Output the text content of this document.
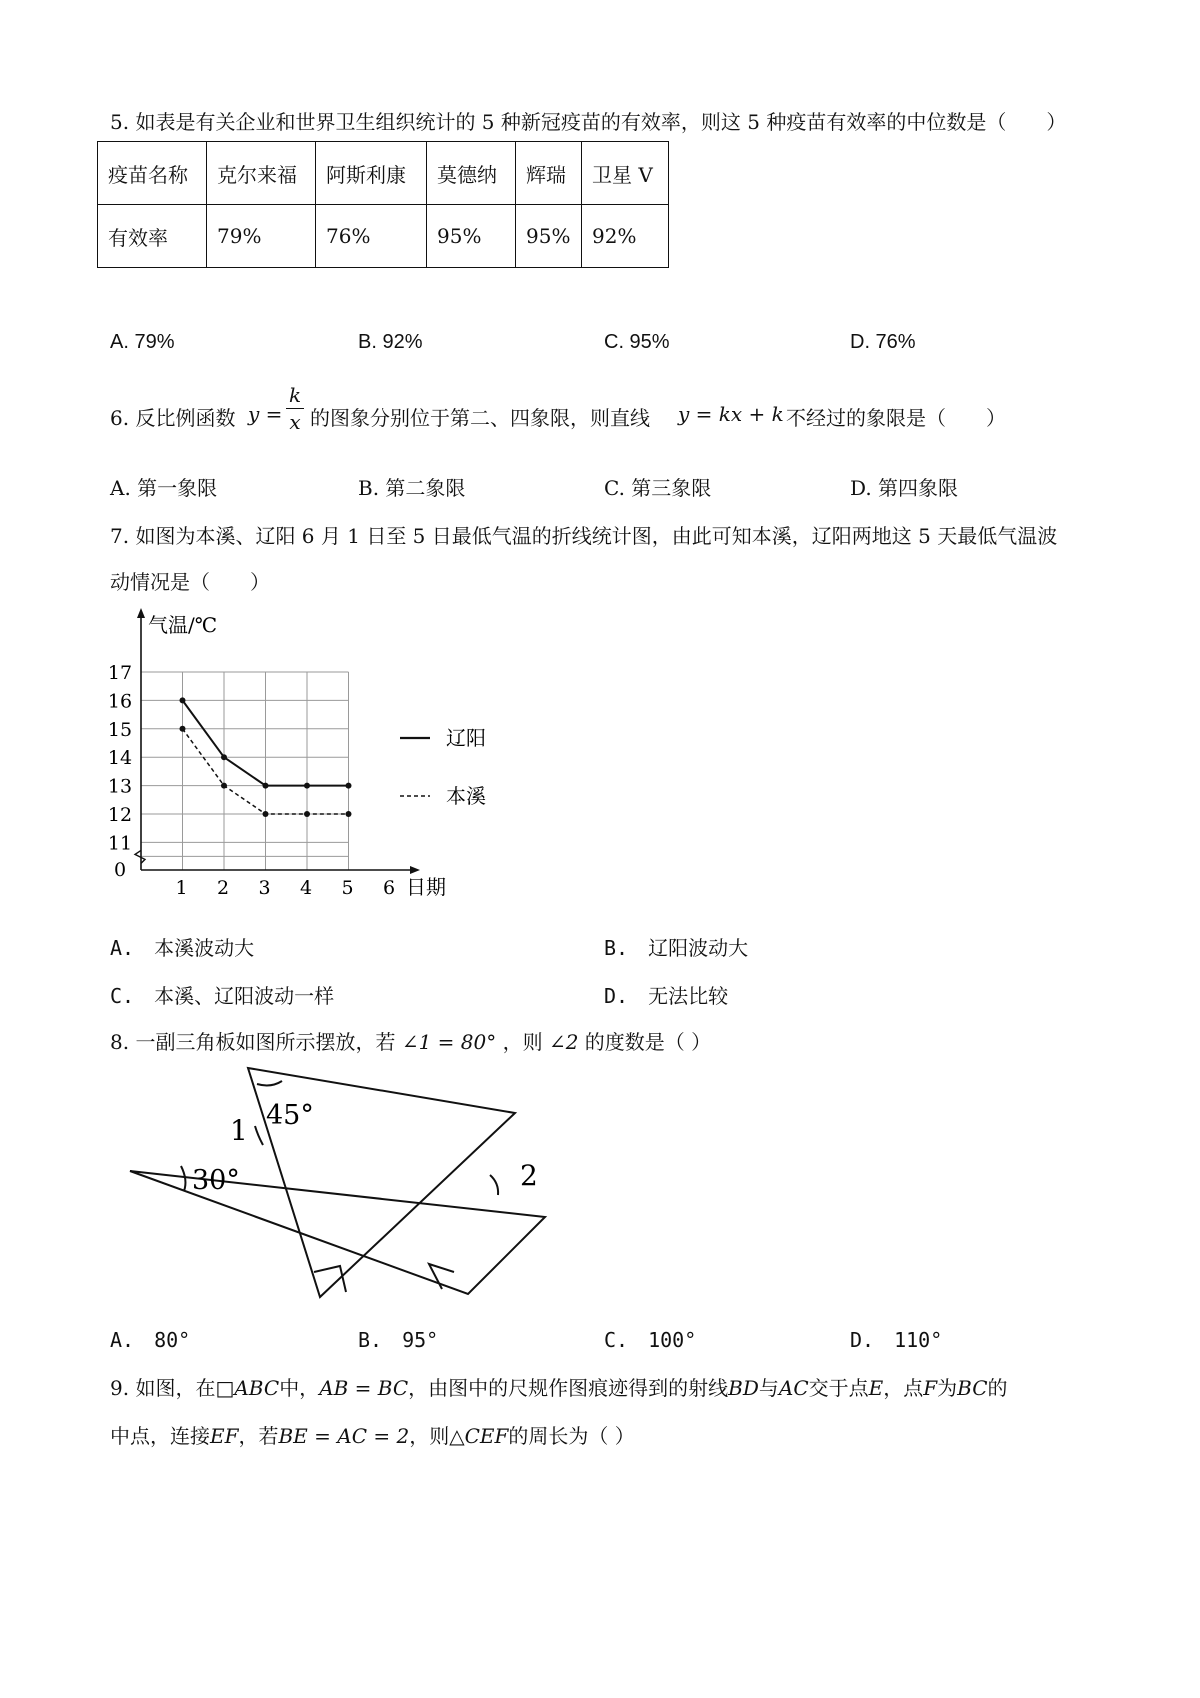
5. 如表是有关企业和世界卫生组织统计的 5 种新冠疫苗的有效率，则这 5 种疫苗有效率的中位数是（　　）
疫苗名称	克尔来福	阿斯利康	莫德纳	辉瑞	卫星 V
有效率	79%	76%	95%	95%	92%
A. 79%	B. 92%	C. 95%	D. 76%
6. 反比例函数 y =
k
x 的图象分别位于第二、四象限，则直线 y = kx + k 不经过的象限是（　　）
A. 第一象限	B. 第二象限	C. 第三象限	D. 第四象限
7. 如图为本溪、辽阳 6 月 1 日至 5 日最低气温的折线统计图，由此可知本溪，辽阳两地这 5 天最低气温波
动情况是（　　）
17
16
15
14
13
12
11
0
1 2 3 4 5 6
气温/℃
日期
辽阳
本溪
A.　本溪波动大	B.　辽阳波动大
C.　本溪、辽阳波动一样	D.　无法比较
8. 一副三角板如图所示摆放，若 ∠1 = 80° ，则 ∠2 的度数是（ ）
45°
30°
1
2
A.　80°	B.　95°	C.　100°	D.　110°
9. 如图，在□ABC中，AB = BC，由图中的尺规作图痕迹得到的射线BD与AC交于点E，点F为BC的
中点，连接EF，若BE = AC = 2，则△CEF的周长为（ ）
